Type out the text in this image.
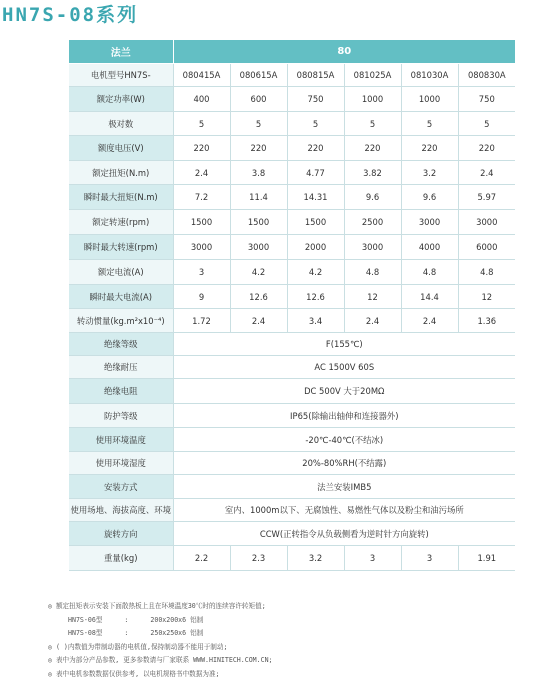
HN7S-08系列
法兰	80					
电机型号HN7S-	080415A	080615A	080815A	081025A	081030A	080830A
额定功率(W)	400	600	750	1000	1000	750
极对数	5	5	5	5	5	5
额度电压(V)	220	220	220	220	220	220
额定扭矩(N.m)	2.4	3.8	4.77	3.82	3.2	2.4
瞬时最大扭矩(N.m)	7.2	11.4	14.31	9.6	9.6	5.97
额定转速(rpm)	1500	1500	1500	2500	3000	3000
瞬时最大转速(rpm)	3000	3000	2000	3000	4000	6000
额定电流(A)	3	4.2	4.2	4.8	4.8	4.8
瞬时最大电流(A)	9	12.6	12.6	12	14.4	12
转动惯量(kg.m²x10⁻⁴)	1.72	2.4	3.4	2.4	2.4	1.36
绝缘等级	F(155℃)					
绝缘耐压	AC 1500V 60S					
绝缘电阻	DC 500V 大于20MΩ					
防护等级	IP65(除输出轴伸和连接器外)					
使用环境温度	-20℃-40℃(不结冰)					
使用环境湿度	20%-80%RH(不结露)					
安装方式	法兰安装IMB5					
使用场地、海拔高度、环境	室内、1000m以下、无腐蚀性、易燃性气体以及粉尘和油污场所					
旋转方向	CCW(正转指令从负载侧看为逆时针方向旋转)					
重量(kg)	2.2	2.3	3.2	3	3	1.91
◎ 额定扭矩表示安装下面散热板上且在环境温度30℃时的连续容许转矩值;
HN7S-06型	:	200x200x6 铝制
HN7S-08型	:	250x250x6 铝制
◎ ( )内数值为带制动器的电机值,保持制动器不能用于制动;
◎ 表中为部分产品参数, 更多参数请与厂家联系 WWW.HINITECH.COM.CN;
◎ 表中电机参数数据仅供参考, 以电机规格书中数据为准;
